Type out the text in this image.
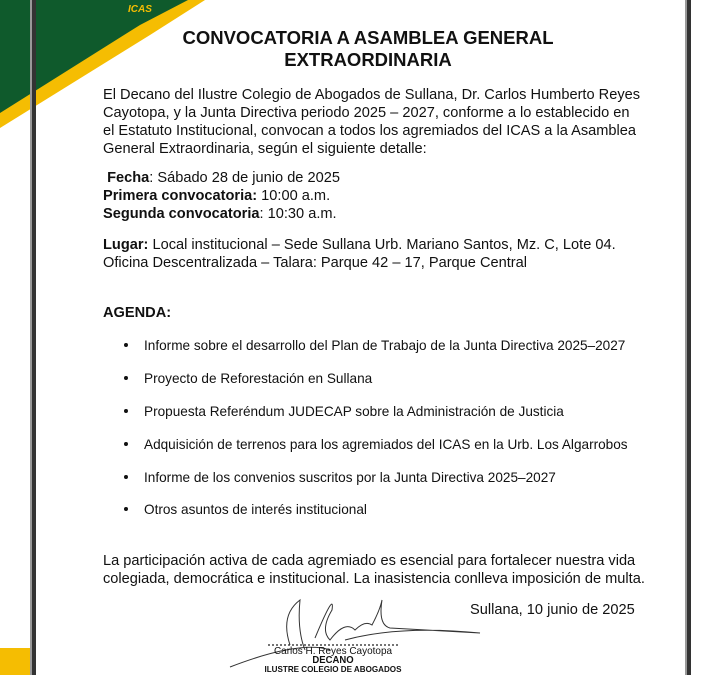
ICAS
CONVOCATORIA A ASAMBLEA GENERAL
EXTRAORDINARIA
El Decano del Ilustre Colegio de Abogados de Sullana, Dr. Carlos Humberto Reyes
Cayotopa, y la Junta Directiva periodo 2025 – 2027, conforme a lo establecido en
el Estatuto Institucional, convocan a todos los agremiados del ICAS a la Asamblea
General Extraordinaria, según el siguiente detalle:
Fecha: Sábado 28 de junio de 2025
Primera convocatoria: 10:00 a.m.
Segunda convocatoria: 10:30 a.m.
Lugar: Local institucional – Sede Sullana Urb. Mariano Santos, Mz. C, Lote 04.
Oficina Descentralizada – Talara: Parque 42 – 17, Parque Central
AGENDA:
Informe sobre el desarrollo del Plan de Trabajo de la Junta Directiva 2025–2027
Proyecto de Reforestación en Sullana
Propuesta Referéndum JUDECAP sobre la Administración de Justicia
Adquisición de terrenos para los agremiados del ICAS en la Urb. Los Algarrobos
Informe de los convenios suscritos por la Junta Directiva 2025–2027
Otros asuntos de interés institucional
La participación activa de cada agremiado es esencial para fortalecer nuestra vida
colegiada, democrática e institucional. La inasistencia conlleva imposición de multa.
Sullana, 10 junio de 2025
Carlos H. Reyes Cayotopa
DECANO
ILUSTRE COLEGIO DE ABOGADOS
